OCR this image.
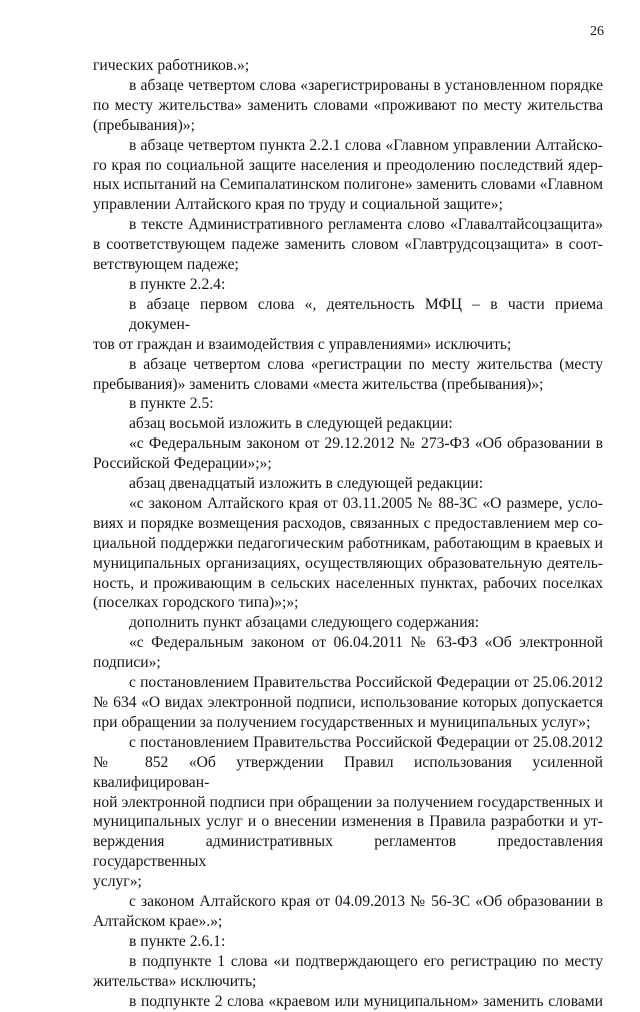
26
гических работников.»;
в абзаце четвертом слова «зарегистрированы в установленном порядке
по месту жительства» заменить словами «проживают по месту жительства
(пребывания)»;
в абзаце четвертом пункта 2.2.1 слова «Главном управлении Алтайско-
го края по социальной защите населения и преодолению последствий ядер-
ных испытаний на Семипалатинском полигоне» заменить словами «Главном
управлении Алтайского края по труду и социальной защите»;
в тексте Административного регламента слово «Главалтайсоцзащита»
в соответствующем падеже заменить словом «Главтрудсоцзащита» в соот-
ветствующем падеже;
в пункте 2.2.4:
в абзаце первом слова «, деятельность МФЦ – в части приема докумен-
тов от граждан и взаимодействия с управлениями» исключить;
в абзаце четвертом слова «регистрации по месту жительства (месту
пребывания)» заменить словами «места жительства (пребывания)»;
в пункте 2.5:
абзац восьмой изложить в следующей редакции:
«с Федеральным законом от 29.12.2012 № 273-ФЗ «Об образовании в
Российской Федерации»;»;
абзац двенадцатый изложить в следующей редакции:
«с законом Алтайского края от 03.11.2005 № 88-ЗС «О размере, усло-
виях и порядке возмещения расходов, связанных с предоставлением мер со-
циальной поддержки педагогическим работникам, работающим в краевых и
муниципальных организациях, осуществляющих образовательную деятель-
ность, и проживающим в сельских населенных пунктах, рабочих поселках
(поселках городского типа)»;»;
дополнить пункт абзацами следующего содержания:
«с Федеральным законом от 06.04.2011 № 63-ФЗ «Об электронной
подписи»;
с постановлением Правительства Российской Федерации от 25.06.2012
№ 634 «О видах электронной подписи, использование которых допускается
при обращении за получением государственных и муниципальных услуг»;
с постановлением Правительства Российской Федерации от 25.08.2012
№ 852 «Об утверждении Правил использования усиленной квалифицирован-
ной электронной подписи при обращении за получением государственных и
муниципальных услуг и о внесении изменения в Правила разработки и ут-
верждения административных регламентов предоставления государственных
услуг»;
с законом Алтайского края от 04.09.2013 № 56-ЗС «Об образовании в
Алтайском крае».»;
в пункте 2.6.1:
в подпункте 1 слова «и подтверждающего его регистрацию по месту
жительства» исключить;
в подпункте 2 слова «краевом или муниципальном» заменить словами
